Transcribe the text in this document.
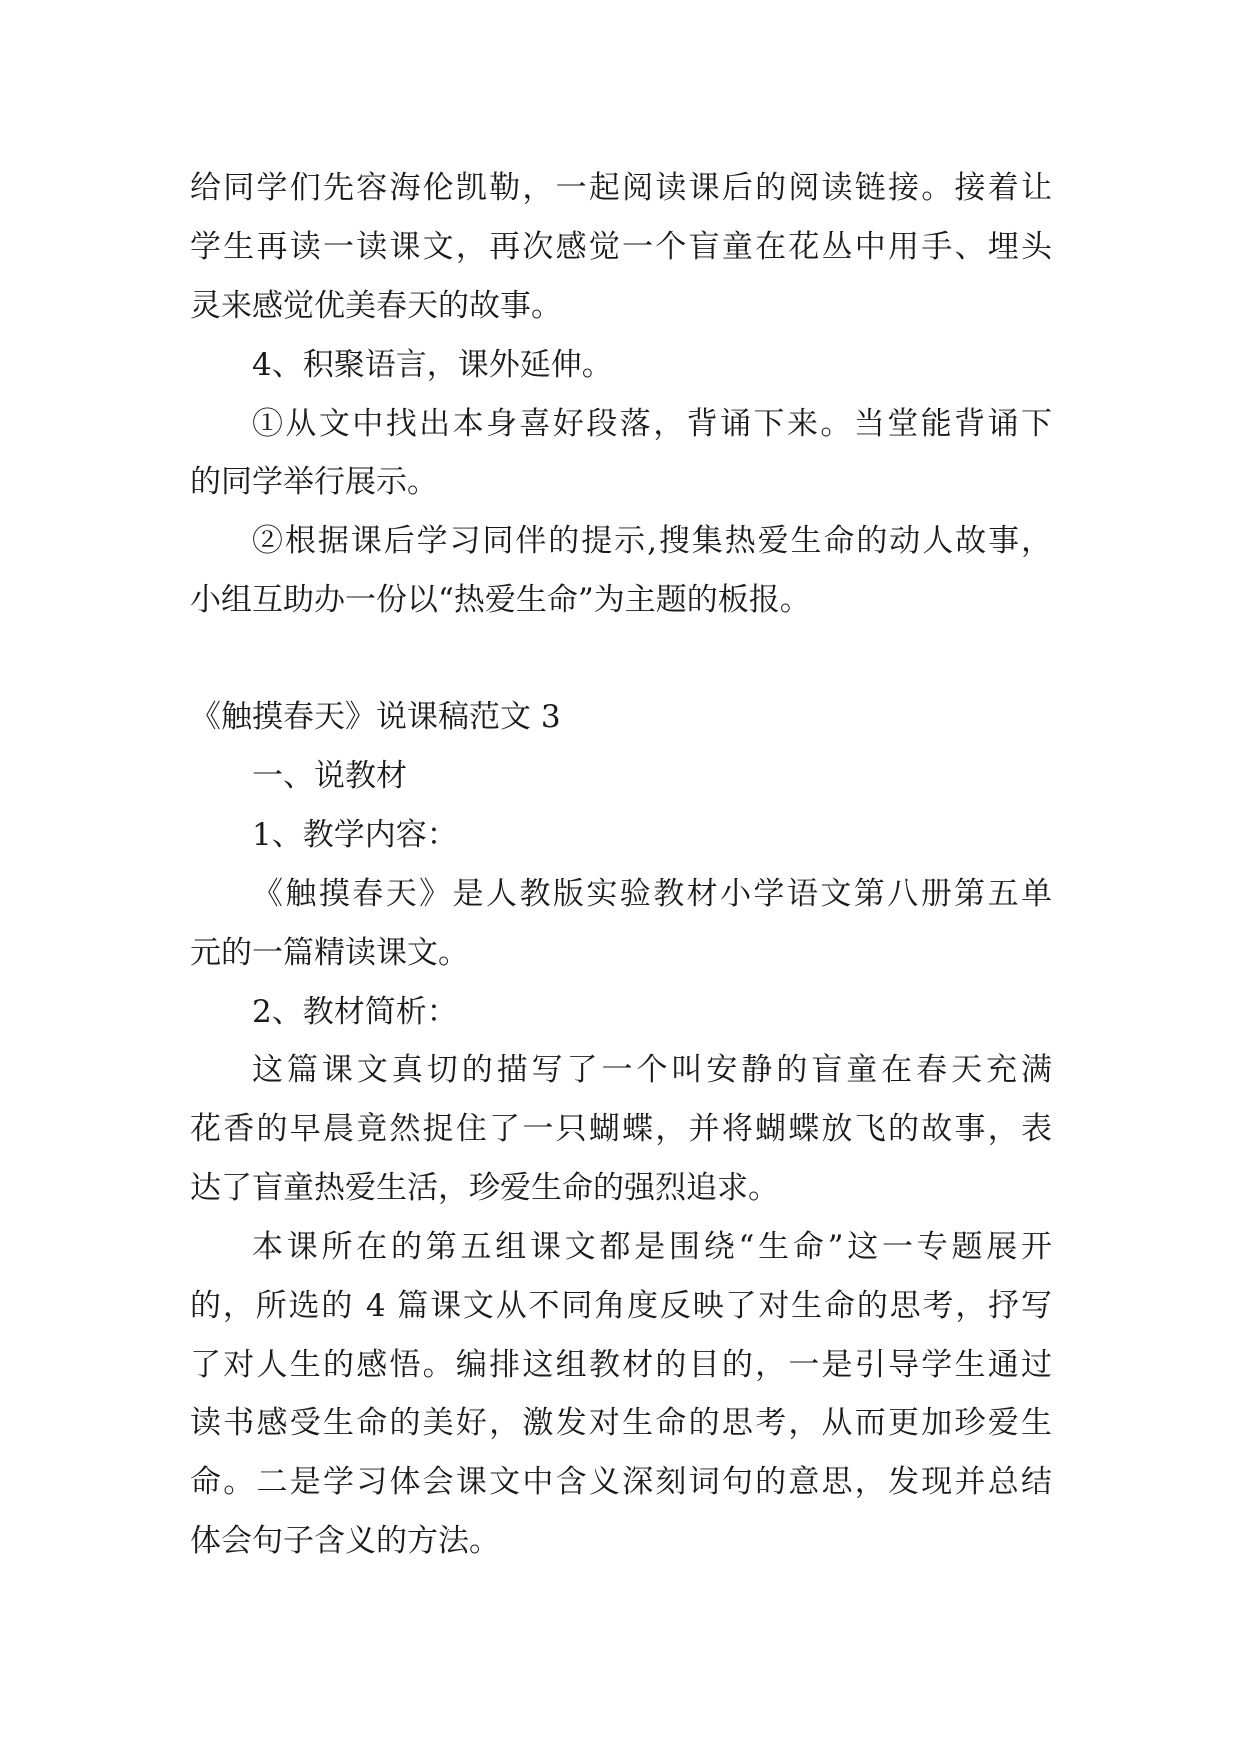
给同学们先容海伦凯勒，一起阅读课后的阅读链接。接着让
学生再读一读课文，再次感觉一个盲童在花丛中用手、埋头
灵来感觉优美春天的故事。
4、积聚语言，课外延伸。
①从文中找出本身喜好段落，背诵下来。当堂能背诵下
的同学举行展示。
②根据课后学习同伴的提示,搜集热爱生命的动人故事，
小组互助办一份以“热爱生命”为主题的板报。
《触摸春天》说课稿范文 3
一、说教材
1、教学内容：
《触摸春天》是人教版实验教材小学语文第八册第五单
元的一篇精读课文。
2、教材简析：
这篇课文真切的描写了一个叫安静的盲童在春天充满
花香的早晨竟然捉住了一只蝴蝶，并将蝴蝶放飞的故事，表
达了盲童热爱生活，珍爱生命的强烈追求。
本课所在的第五组课文都是围绕“生命”这一专题展开
的，所选的 4 篇课文从不同角度反映了对生命的思考，抒写
了对人生的感悟。编排这组教材的目的，一是引导学生通过
读书感受生命的美好，激发对生命的思考，从而更加珍爱生
命。二是学习体会课文中含义深刻词句的意思，发现并总结
体会句子含义的方法。
